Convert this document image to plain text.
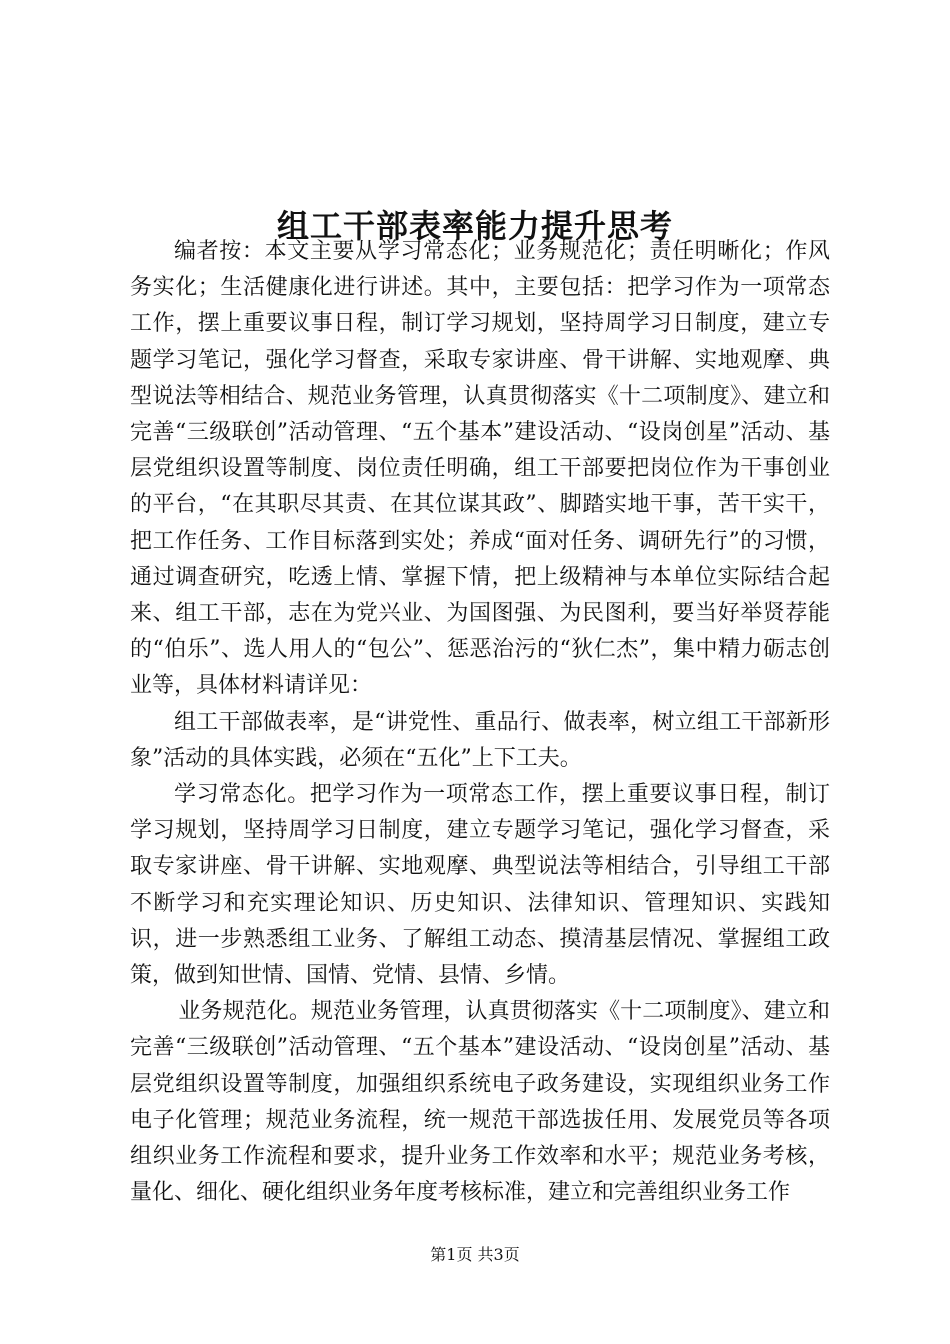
组工干部表率能力提升思考

编者按：本文主要从学习常态化；业务规范化；责任明晰化；作风务实化；生活健康化进行讲述。其中，主要包括：把学习作为一项常态工作，摆上重要议事日程，制订学习规划，坚持周学习日制度，建立专题学习笔记，强化学习督查，采取专家讲座、骨干讲解、实地观摩、典型说法等相结合、规范业务管理，认真贯彻落实《十二项制度》、建立和完善“三级联创”活动管理、“五个基本”建设活动、“设岗创星”活动、基层党组织设置等制度、岗位责任明确，组工干部要把岗位作为干事创业的平台，“在其职尽其责、在其位谋其政”、脚踏实地干事，苦干实干，把工作任务、工作目标落到实处；养成“面对任务、调研先行”的习惯，通过调查研究，吃透上情、掌握下情，把上级精神与本单位实际结合起来、组工干部，志在为党兴业、为国图强、为民图利，要当好举贤荐能的“伯乐”、选人用人的“包公”、惩恶治污的“狄仁杰”，集中精力砺志创业等，具体材料请详见：

组工干部做表率，是“讲党性、重品行、做表率，树立组工干部新形象”活动的具体实践，必须在“五化”上下工夫。

学习常态化。把学习作为一项常态工作，摆上重要议事日程，制订学习规划，坚持周学习日制度，建立专题学习笔记，强化学习督查，采取专家讲座、骨干讲解、实地观摩、典型说法等相结合，引导组工干部不断学习和充实理论知识、历史知识、法律知识、管理知识、实践知识，进一步熟悉组工业务、了解组工动态、摸清基层情况、掌握组工政策，做到知世情、国情、党情、县情、乡情。

业务规范化。规范业务管理，认真贯彻落实《十二项制度》、建立和完善“三级联创”活动管理、“五个基本”建设活动、“设岗创星”活动、基层党组织设置等制度，加强组织系统电子政务建设，实现组织业务工作电子化管理；规范业务流程，统一规范干部选拔任用、发展党员等各项组织业务工作流程和要求，提升业务工作效率和水平；规范业务考核，量化、细化、硬化组织业务年度考核标准，建立和完善组织业务工作

第1页 共3页
